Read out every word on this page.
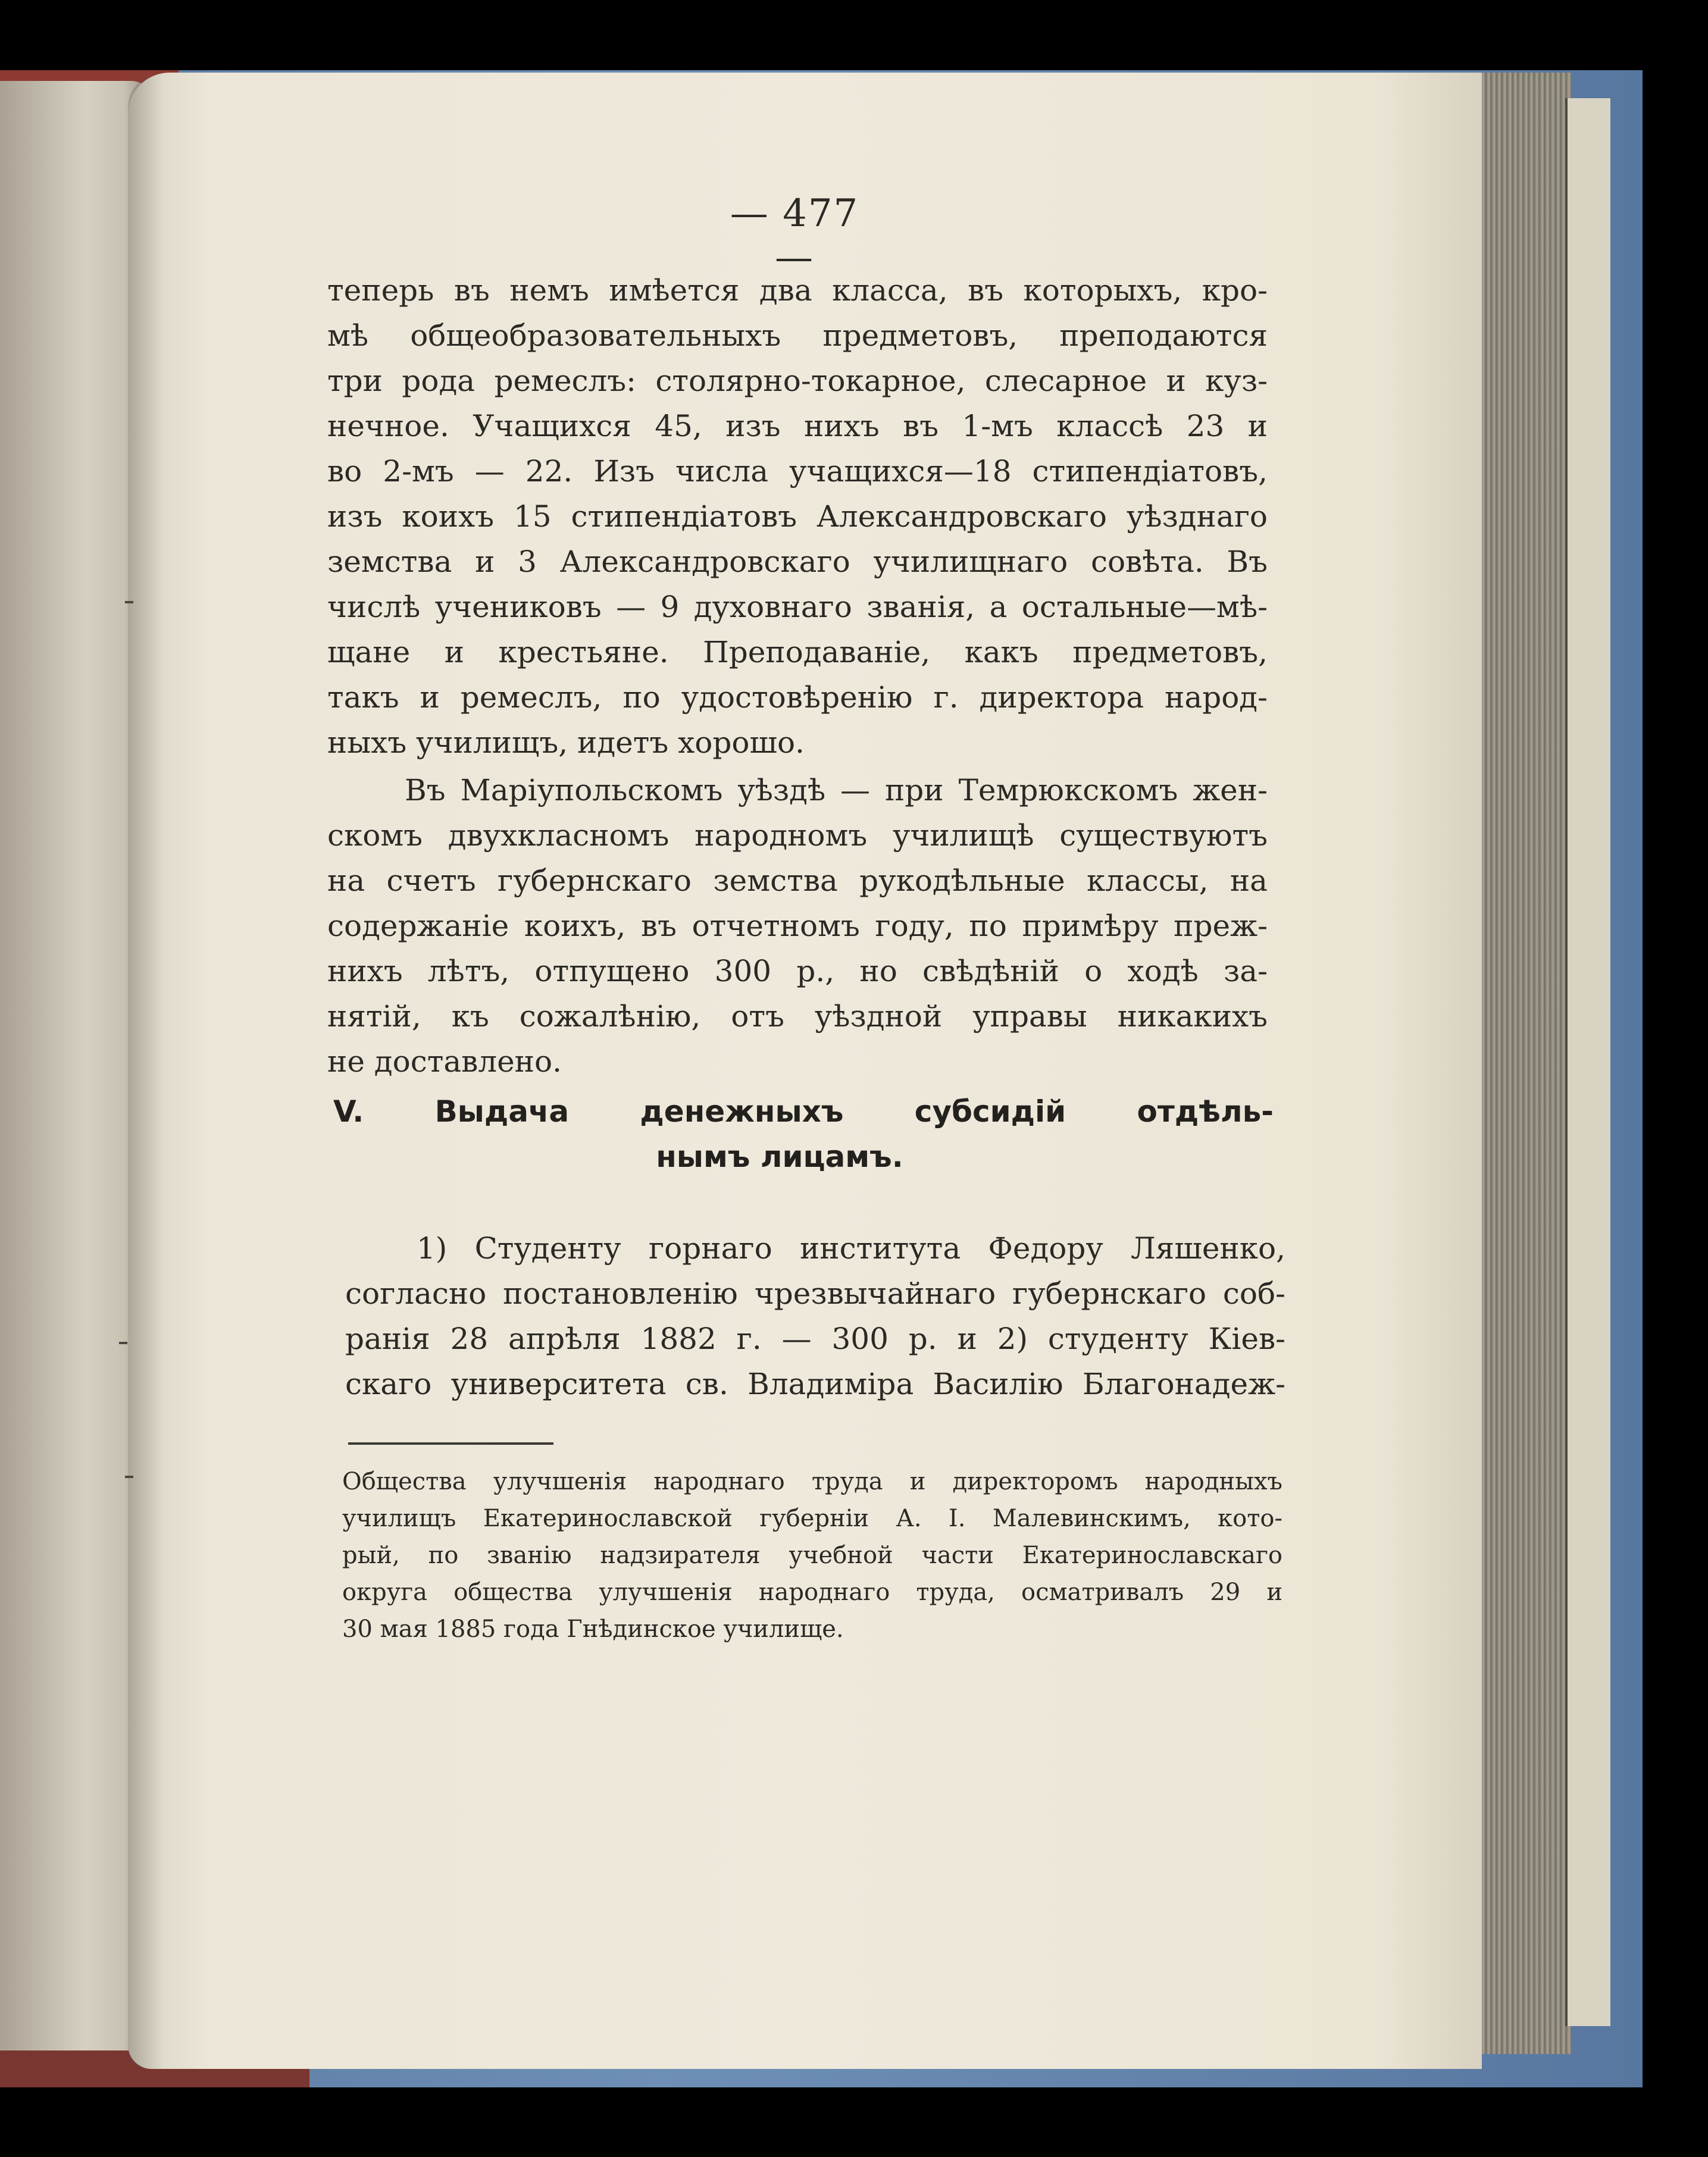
— 477 —
теперь въ немъ имѣется два класса, въ которыхъ, кро-
мѣ общеобразовательныхъ предметовъ, преподаются
три рода ремеслъ: столярно-токарное, слесарное и куз-
нечное. Учащихся 45, изъ нихъ въ 1-мъ классѣ 23 и
во 2-мъ — 22. Изъ числа учащихся—18 стипендіатовъ,
изъ коихъ 15 стипендіатовъ Александровскаго уѣзднаго
земства и 3 Александровскаго училищнаго совѣта. Въ
числѣ учениковъ — 9 духовнаго званія, а остальные—мѣ-
щане и крестьяне. Преподаваніе, какъ предметовъ,
такъ и ремеслъ, по удостовѣренію г. директора народ-
ныхъ училищъ, идетъ хорошо.
Въ Маріупольскомъ уѣздѣ — при Темрюкскомъ жен-
скомъ двухкласномъ народномъ училищѣ существуютъ
на счетъ губернскаго земства рукодѣльные классы, на
содержаніе коихъ, въ отчетномъ году, по примѣру преж-
нихъ лѣтъ, отпущено 300 р., но свѣдѣній о ходѣ за-
нятій, къ сожалѣнію, отъ уѣздной управы никакихъ
не доставлено.
V. Выдача денежныхъ субсидій отдѣль-
нымъ лицамъ.
1) Студенту горнаго института Федору Ляшенко,
согласно постановленію чрезвычайнаго губернскаго соб-
ранія 28 апрѣля 1882 г. — 300 р. и 2) студенту Кіев-
скаго университета св. Владиміра Василію Благонадеж-
Общества улучшенія народнаго труда и директоромъ народныхъ
училищъ Екатеринославской губерніи А. І. Малевинскимъ, кото-
рый, по званію надзирателя учебной части Екатеринославскаго
округа общества улучшенія народнаго труда, осматривалъ 29 и
30 мая 1885 года Гнѣдинское училище.
